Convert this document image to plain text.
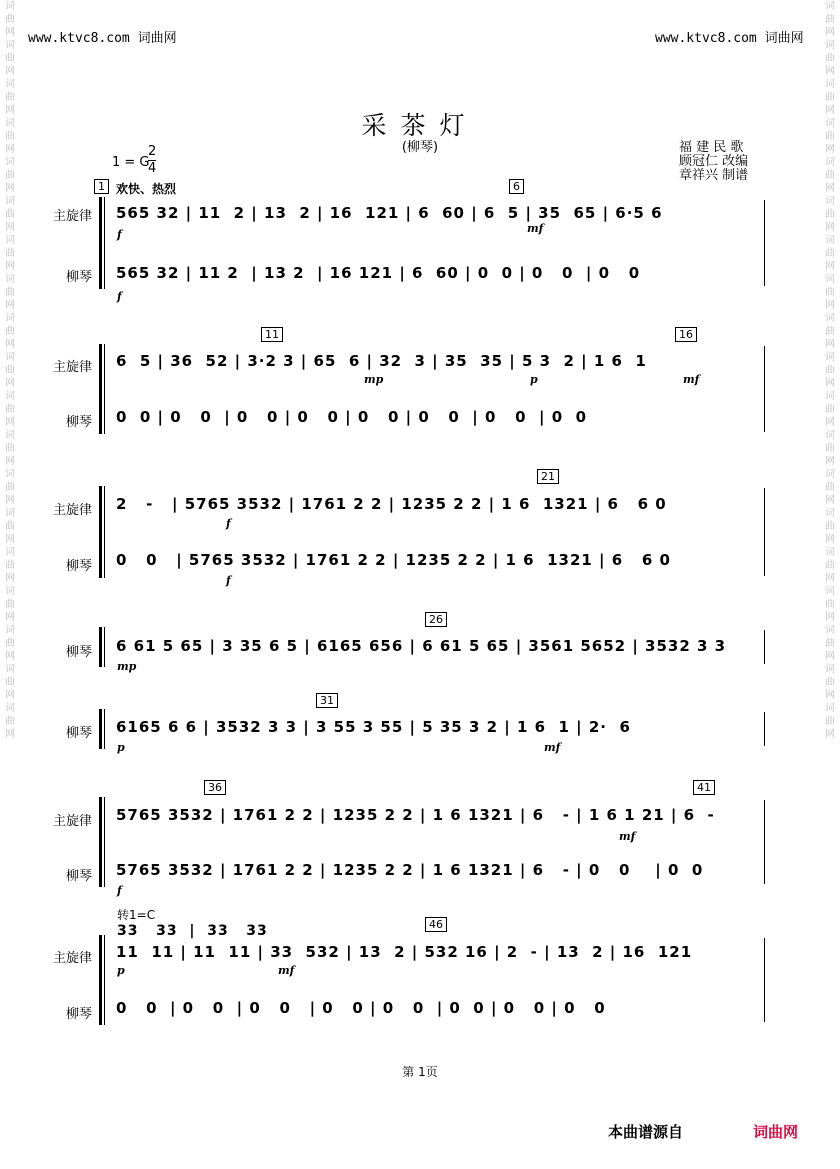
www.ktvc8.com 词曲网	www.ktvc8.com 词曲网
词曲网词曲网词曲网词曲网词曲网词曲网词曲网词曲网词曲网词曲网词曲网词曲网词曲网词曲网词曲网词曲网词曲网词曲网词曲网
词曲网词曲网词曲网词曲网词曲网词曲网词曲网词曲网词曲网词曲网词曲网词曲网词曲网词曲网词曲网词曲网词曲网词曲网词曲网
采茶灯
(柳琴)	福 建 民 歌
顾冠仁 改编
章祥兴 制谱
1 = G
$\frac{2}{4}$
欢快、热烈
1	6
主旋律
柳琴
565 32 | 11  2 | 13  2 | 16  121 | 6  60 | 6  5 | 35  65 | 6·5 6
565 32 | 11 2  | 13 2  | 16 121 | 6  60 | 0  0 | 0   0  | 0   0
f	mf
f
11	16
主旋律
柳琴
6  5 | 36  52 | 3·2 3 | 65  6 | 32  3 | 35  35 | 5 3  2 | 1 6  1
0  0 | 0   0  | 0   0 | 0   0 | 0   0 | 0   0  | 0   0  | 0  0
mp	p	mf
21
主旋律
柳琴
2   -   | 5765 3532 | 1761 2 2 | 1235 2 2 | 1 6  1321 | 6   6 0
0   0   | 5765 3532 | 1761 2 2 | 1235 2 2 | 1 6  1321 | 6   6 0
f
f
26
柳琴 6 61 5 65 | 3 35 6 5 | 6165 656 | 6 61 5 65 | 3561 5652 | 3532 3 3
mp
31
柳琴 6165 6 6 | 3532 3 3 | 3 55 3 55 | 5 35 3 2 | 1 6  1 | 2·  6
p	mf
36	41
主旋律
柳琴
5765 3532 | 1761 2 2 | 1235 2 2 | 1 6 1321 | 6   - | 1 6 1 21 | 6  -
5765 3532 | 1761 2 2 | 1235 2 2 | 1 6 1321 | 6   - | 0   0    | 0  0
mf
f
转1=C
33   33  |  33   33	46
主旋律
柳琴
11  11 | 11  11 | 33  532 | 13  2 | 532 16 | 2  - | 13  2 | 16  121
0   0  | 0   0  | 0   0   | 0   0 | 0   0  | 0  0 | 0   0 | 0   0
p	mf
第 1页
本曲谱源自	词曲网
